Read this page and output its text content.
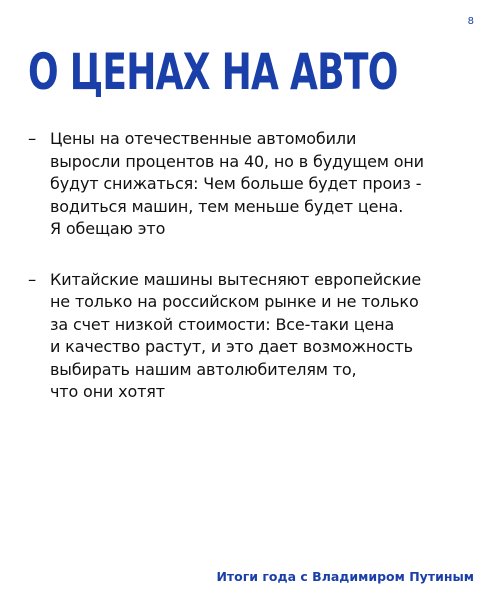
8
О ЦЕНАХ НА АВТО
– Цены на отечественные автомобили
выросли процентов на 40, но в будущем они
будут снижаться: Чем больше будет произ -
водиться машин, тем меньше будет цена.
Я обещаю это
– Китайские машины вытесняют европейские
не только на российском рынке и не только
за счет низкой стоимости: Все-таки цена
и качество растут, и это дает возможность
выбирать нашим автолюбителям то,
что они хотят
Итоги года с Владимиром Путиным
